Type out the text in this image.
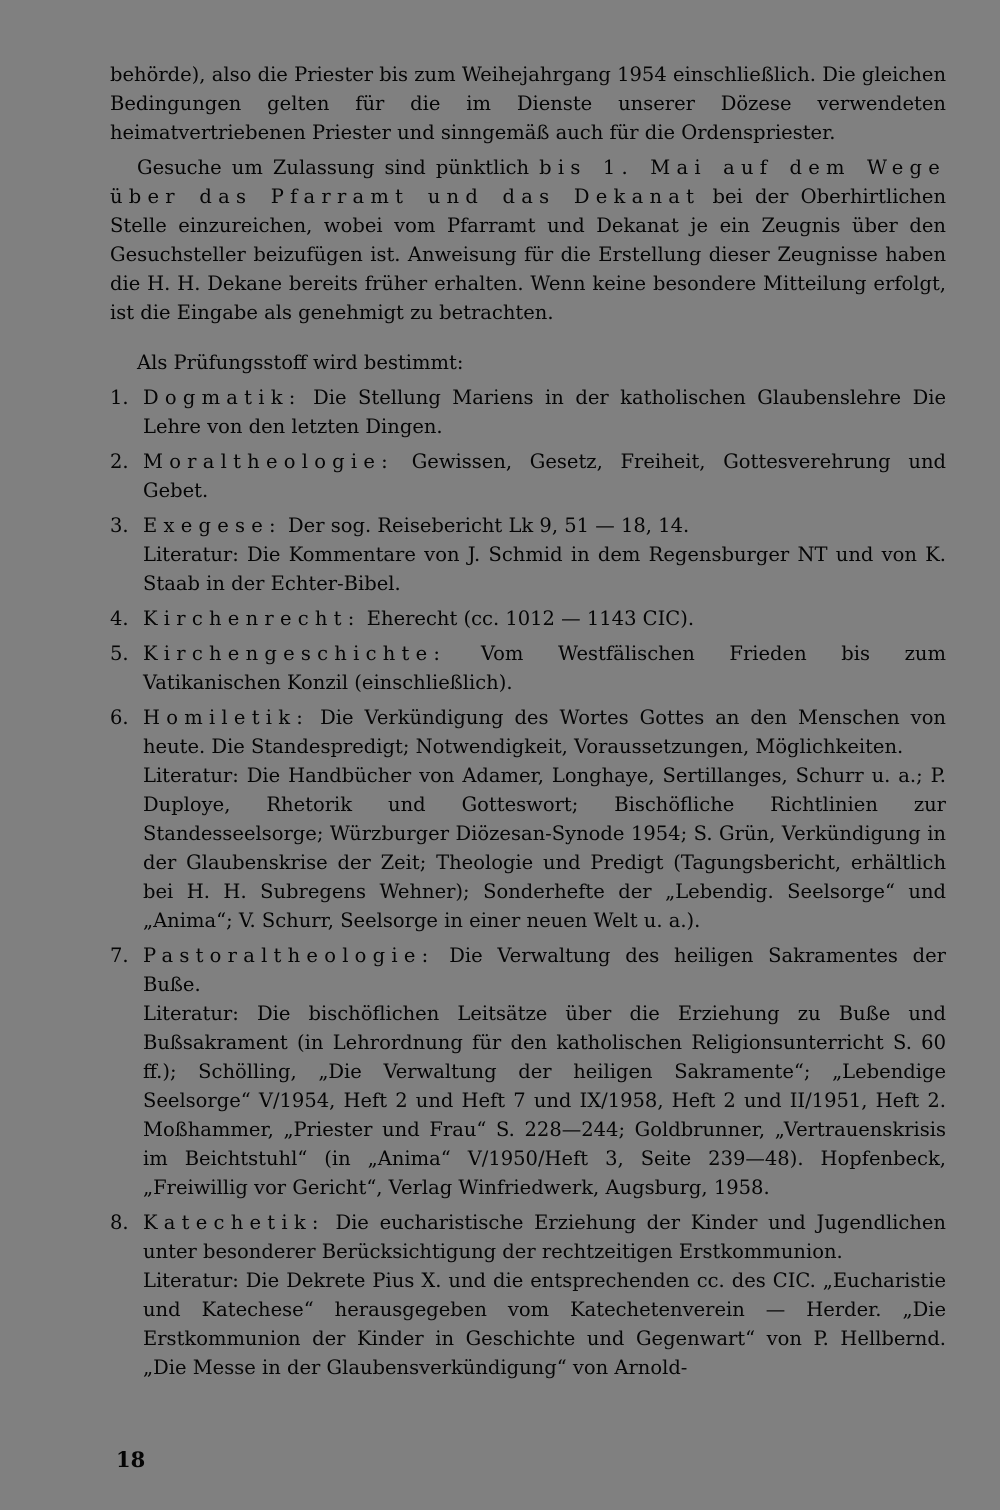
behörde), also die Priester bis zum Weihejahrgang 1954 einschließlich. Die gleichen Bedingungen gelten für die im Dienste unserer Dözese verwendeten heimatvertriebenen Priester und sinngemäß auch für die Ordenspriester.

Gesuche um Zulassung sind pünktlich bis 1. Mai auf dem Wege über das Pfarramt und das Dekanat bei der Oberhirtlichen Stelle einzureichen, wobei vom Pfarramt und Dekanat je ein Zeugnis über den Gesuchsteller beizufügen ist. Anweisung für die Erstellung dieser Zeugnisse haben die H. H. Dekane bereits früher erhalten. Wenn keine besondere Mitteilung erfolgt, ist die Eingabe als genehmigt zu betrachten.

Als Prüfungsstoff wird bestimmt:

1. Dogmatik: Die Stellung Mariens in der katholischen Glaubenslehre Die Lehre von den letzten Dingen.

2. Moraltheologie: Gewissen, Gesetz, Freiheit, Gottesverehrung und Gebet.

3. Exegese: Der sog. Reisebericht Lk 9, 51 — 18, 14.

Literatur: Die Kommentare von J. Schmid in dem Regensburger NT und von K. Staab in der Echter-Bibel.

4. Kirchenrecht: Eherecht (cc. 1012 — 1143 CIC).

5. Kirchengeschichte: Vom Westfälischen Frieden bis zum Vatikanischen Konzil (einschließlich).

6. Homiletik: Die Verkündigung des Wortes Gottes an den Menschen von heute. Die Standespredigt; Notwendigkeit, Voraussetzungen, Möglichkeiten.

Literatur: Die Handbücher von Adamer, Longhaye, Sertillanges, Schurr u. a.; P. Duploye, Rhetorik und Gotteswort; Bischöfliche Richtlinien zur Standesseelsorge; Würzburger Diözesan-Synode 1954; S. Grün, Verkündigung in der Glaubenskrise der Zeit; Theologie und Predigt (Tagungsbericht, erhältlich bei H. H. Subregens Wehner); Sonderhefte der „Lebendig. Seelsorge“ und „Anima“; V. Schurr, Seelsorge in einer neuen Welt u. a.).

7. Pastoraltheologie: Die Verwaltung des heiligen Sakramentes der Buße.

Literatur: Die bischöflichen Leitsätze über die Erziehung zu Buße und Bußsakrament (in Lehrordnung für den katholischen Religionsunterricht S. 60 ff.); Schölling, „Die Verwaltung der heiligen Sakramente“; „Lebendige Seelsorge“ V/1954, Heft 2 und Heft 7 und IX/1958, Heft 2 und II/1951, Heft 2. Moßhammer, „Priester und Frau“ S. 228—244; Goldbrunner, „Vertrauenskrisis im Beichtstuhl“ (in „Anima“ V/1950/Heft 3, Seite 239—48). Hopfenbeck, „Freiwillig vor Gericht“, Verlag Winfriedwerk, Augsburg, 1958.

8. Katechetik: Die eucharistische Erziehung der Kinder und Jugendlichen unter besonderer Berücksichtigung der rechtzeitigen Erstkommunion.

Literatur: Die Dekrete Pius X. und die entsprechenden cc. des CIC. „Eucharistie und Katechese“ herausgegeben vom Katechetenverein — Herder. „Die Erstkommunion der Kinder in Geschichte und Gegenwart“ von P. Hellbernd. „Die Messe in der Glaubensverkündigung“ von Arnold-

18
